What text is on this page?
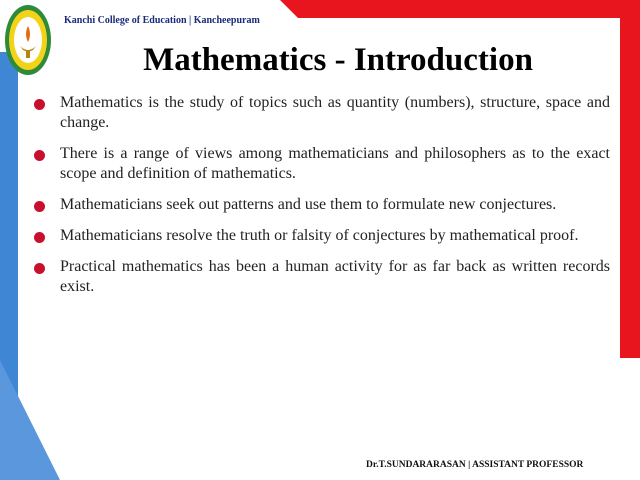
Kanchi College of Education | Kancheepuram
Mathematics - Introduction
Mathematics is the study of topics such as quantity (numbers), structure, space and change.
There is a range of views among mathematicians and philosophers as to the exact scope and definition of mathematics.
Mathematicians seek out patterns and use them to formulate new conjectures.
Mathematicians resolve the truth or falsity of conjectures by mathematical proof.
Practical mathematics has been a human activity for as far back as written records exist.
Dr.T.SUNDARARASAN | ASSISTANT PROFESSOR
